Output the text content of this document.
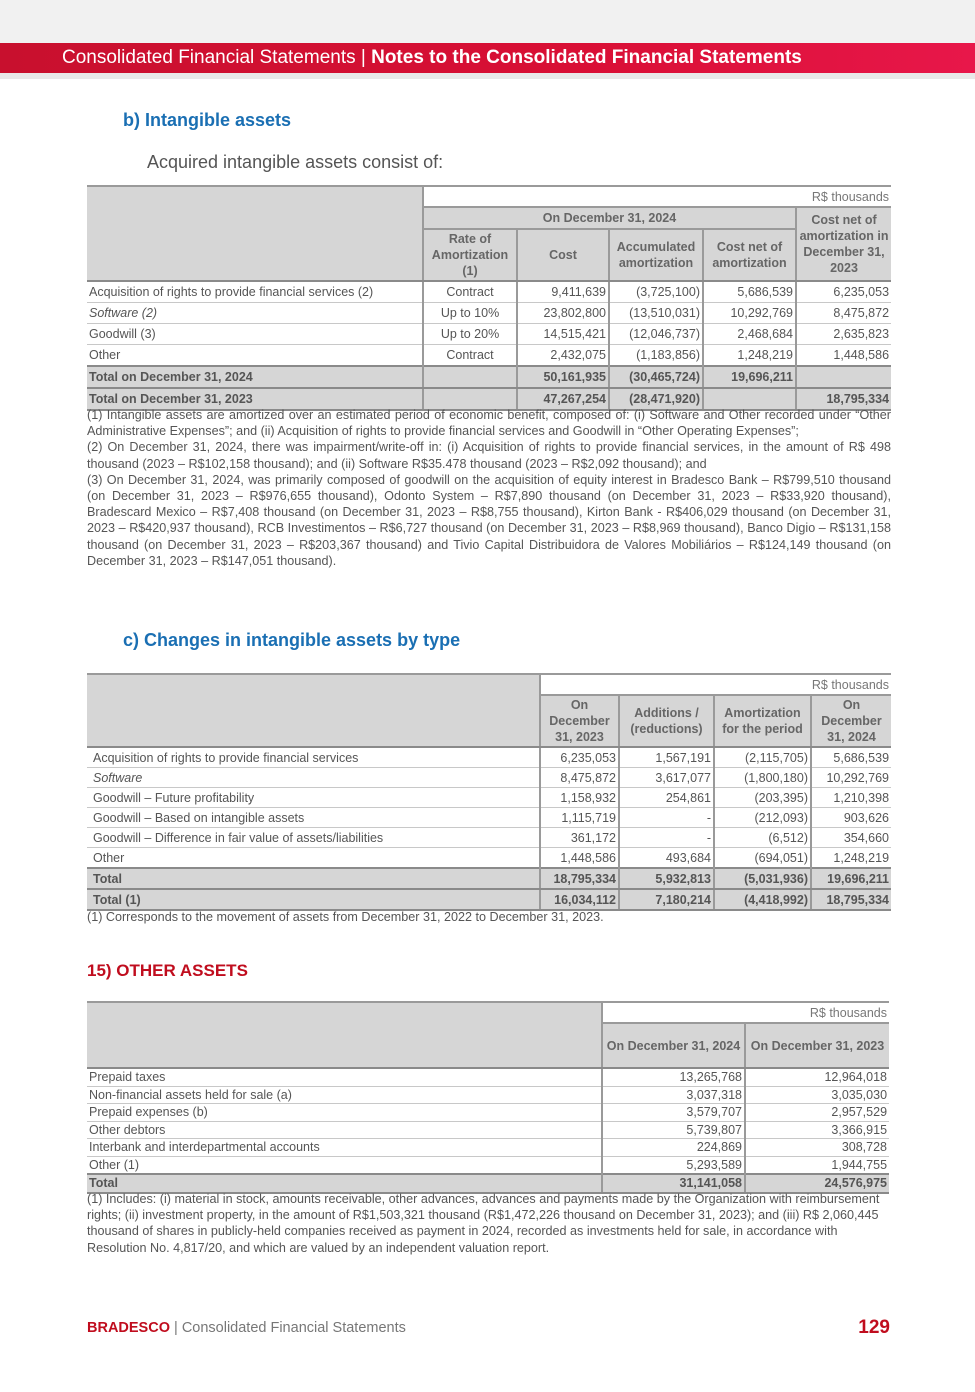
Consolidated Financial Statements | Notes to the Consolidated Financial Statements
b) Intangible assets
Acquired intangible assets consist of:
	R$ thousands				
	On December 31, 2024				Cost net of amortization in December 31, 2023
	Rate of Amortization (1)	Cost	Accumulated amortization	Cost net of amortization	
Acquisition of rights to provide financial services (2)	Contract	9,411,639	(3,725,100)	5,686,539	6,235,053
Software (2)	Up to 10%	23,802,800	(13,510,031)	10,292,769	8,475,872
Goodwill (3)	Up to 20%	14,515,421	(12,046,737)	2,468,684	2,635,823
Other	Contract	2,432,075	(1,183,856)	1,248,219	1,448,586
Total on December 31, 2024		50,161,935	(30,465,724)	19,696,211	
Total on December 31, 2023		47,267,254	(28,471,920)		18,795,334

(1) Intangible assets are amortized over an estimated period of economic benefit, composed of: (i) Software and Other recorded under “Other Administrative Expenses”; and (ii) Acquisition of rights to provide financial services and Goodwill in “Other Operating Expenses”;

(2) On December 31, 2024, there was impairment/write-off in: (i) Acquisition of rights to provide financial services, in the amount of R$ 498 thousand (2023 – R$102,158 thousand); and (ii) Software R$35.478 thousand (2023 – R$2,092 thousand); and

(3) On December 31, 2024, was primarily composed of goodwill on the acquisition of equity interest in Bradesco Bank – R$799,510 thousand (on December 31, 2023 – R$976,655 thousand), Odonto System – R$7,890 thousand (on December 31, 2023 – R$33,920 thousand), Bradescard Mexico – R$7,408 thousand (on December 31, 2023 – R$8,755 thousand), Kirton Bank - R$406,029 thousand (on December 31, 2023 – R$420,937 thousand), RCB Investimentos – R$6,727 thousand (on December 31, 2023 – R$8,969 thousand), Banco Digio – R$131,158 thousand (on December 31, 2023 – R$203,367 thousand) and Tivio Capital Distribuidora de Valores Mobiliários – R$124,149 thousand (on December 31, 2023 – R$147,051 thousand).

c) Changes in intangible assets by type
	R$ thousands			
	On December 31, 2023	Additions / (reductions)	Amortization for the period	On December 31, 2024
Acquisition of rights to provide financial services	6,235,053	1,567,191	(2,115,705)	5,686,539
Software	8,475,872	3,617,077	(1,800,180)	10,292,769
Goodwill – Future profitability	1,158,932	254,861	(203,395)	1,210,398
Goodwill – Based on intangible assets	1,115,719	-	(212,093)	903,626
Goodwill – Difference in fair value of assets/liabilities	361,172	-	(6,512)	354,660
Other	1,448,586	493,684	(694,051)	1,248,219
Total	18,795,334	5,932,813	(5,031,936)	19,696,211
Total (1)	16,034,112	7,180,214	(4,418,992)	18,795,334
(1) Corresponds to the movement of assets from December 31, 2022 to December 31, 2023.
15) OTHER ASSETS
	R$ thousands	
	On December 31, 2024	On December 31, 2023
Prepaid taxes	13,265,768	12,964,018
Non-financial assets held for sale (a)	3,037,318	3,035,030
Prepaid expenses (b)	3,579,707	2,957,529
Other debtors	5,739,807	3,366,915
Interbank and interdepartmental accounts	224,869	308,728
Other (1)	5,293,589	1,944,755
Total	31,141,058	24,576,975
(1) Includes: (i) material in stock, amounts receivable, other advances, advances and payments made by the Organization with reimbursement rights; (ii) investment property, in the amount of R$1,503,321 thousand (R$1,472,226 thousand on December 31, 2023); and (iii) R$ 2,060,445 thousand of shares in publicly-held companies received as payment in 2024, recorded as investments held for sale, in accordance with Resolution No. 4,817/20, and which are valued by an independent valuation report.
BRADESCO | Consolidated Financial Statements	129
